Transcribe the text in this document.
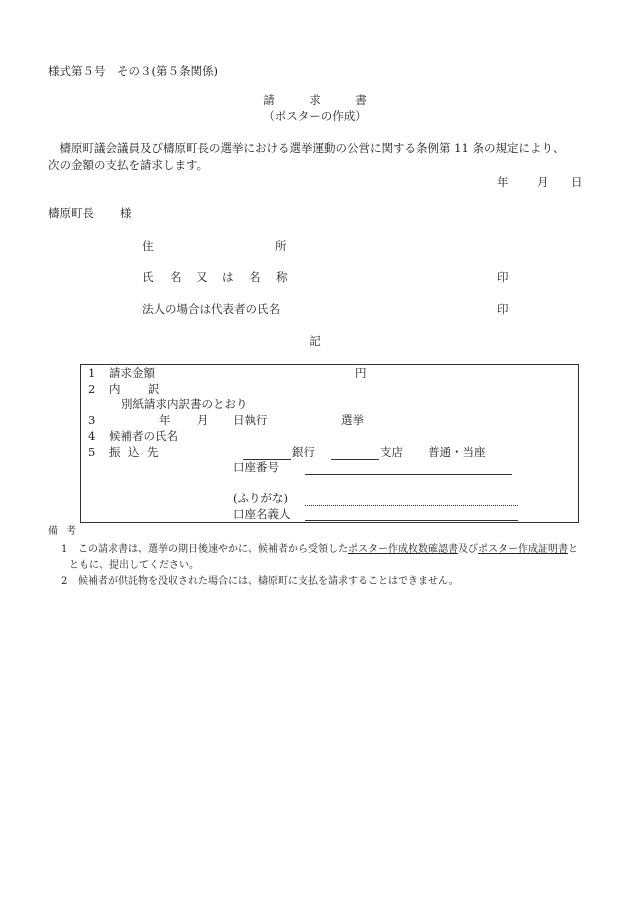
様式第５号　その３(第５条関係)
請　　　求　　　書
（ポスターの作成）
　檮原町議会議員及び檮原町長の選挙における選挙運動の公営に関する条例第 11 条の規定により、
次の金額の支払を請求します。
年 月 日
檮原町長 様
住	所
氏 名 又 は 名 称	印
法人の場合は代表者の氏名	印
記
1 請求金額	円
2 内 訳
別紙請求内訳書のとおり
3	年 月 日執行	選挙
4 候補者の氏名
5 振 込 先	銀行	支店 普通・当座
口座番号
(ふりがな)
口座名義人
備 考
1 この請求書は、選挙の期日後速やかに、候補者から受領したポスター作成枚数確認書及びポスター作成証明書と
ともに、提出してください。
2 候補者が供託物を没収された場合には、檮原町に支払を請求することはできません。
